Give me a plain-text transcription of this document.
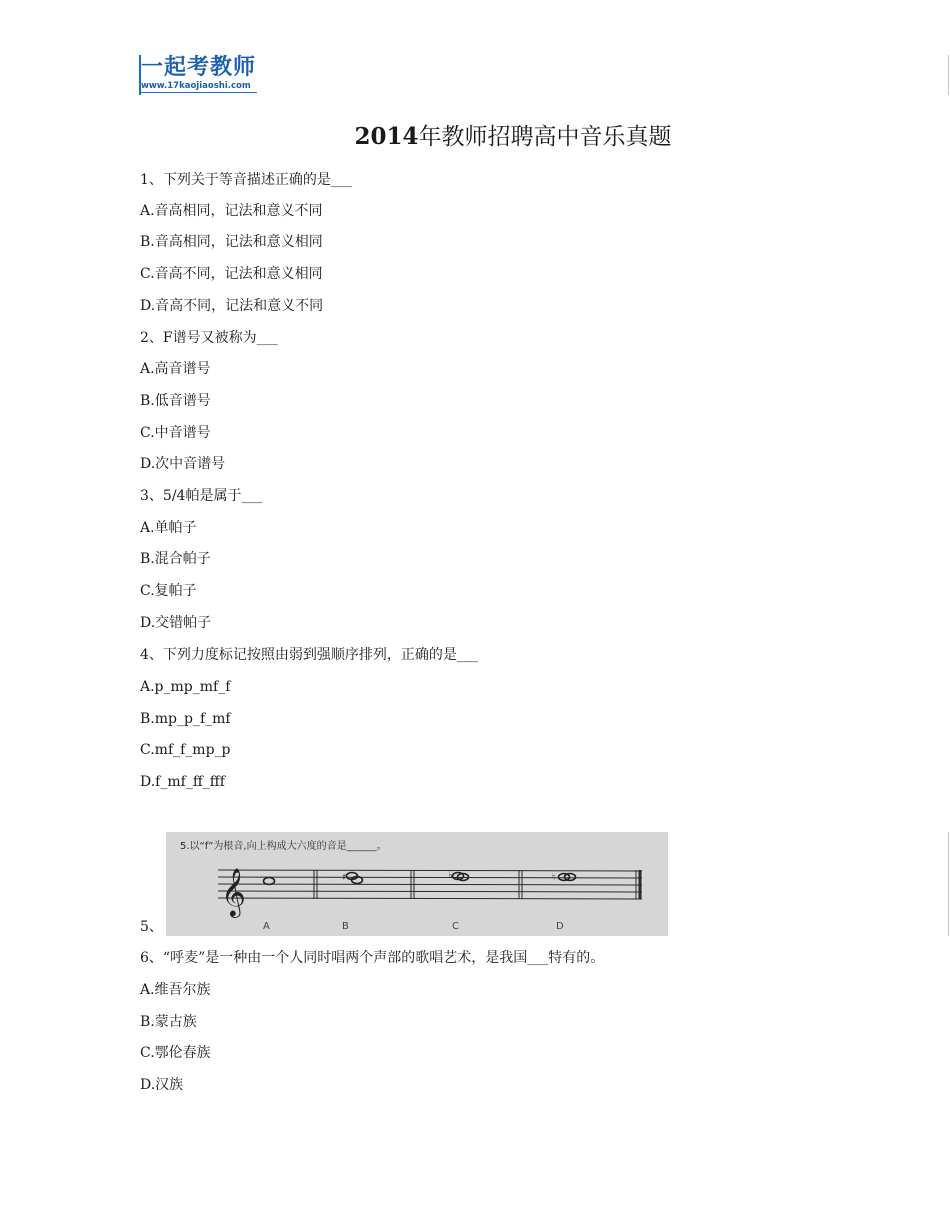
一起考教师
www.17kaojiaoshi.com
2014年教师招聘高中音乐真题
1、下列关于等音描述正确的是___
A.音高相同，记法和意义不同
B.音高相同，记法和意义相同
C.音高不同，记法和意义相同
D.音高不同，记法和意义不同
2、F谱号又被称为___
A.高音谱号
B.低音谱号
C.中音谱号
D.次中音谱号
3、5/4帕是属于___
A.单帕子
B.混合帕子
C.复帕子
D.交错帕子
4、下列力度标记按照由弱到强顺序排列，正确的是___
A.p_mp_mf_f
B.mp_p_f_mf
C.mf_f_mp_p
D.f_mf_ff_fff
5、
5.以“f”为根音,向上构成大六度的音是______。
𝄞	♯	♭	♮
A	B	C	D
6、“呼麦”是一种由一个人同时唱两个声部的歌唱艺术，是我国___特有的。
A.维吾尔族
B.蒙古族
C.鄂伦春族
D.汉族
